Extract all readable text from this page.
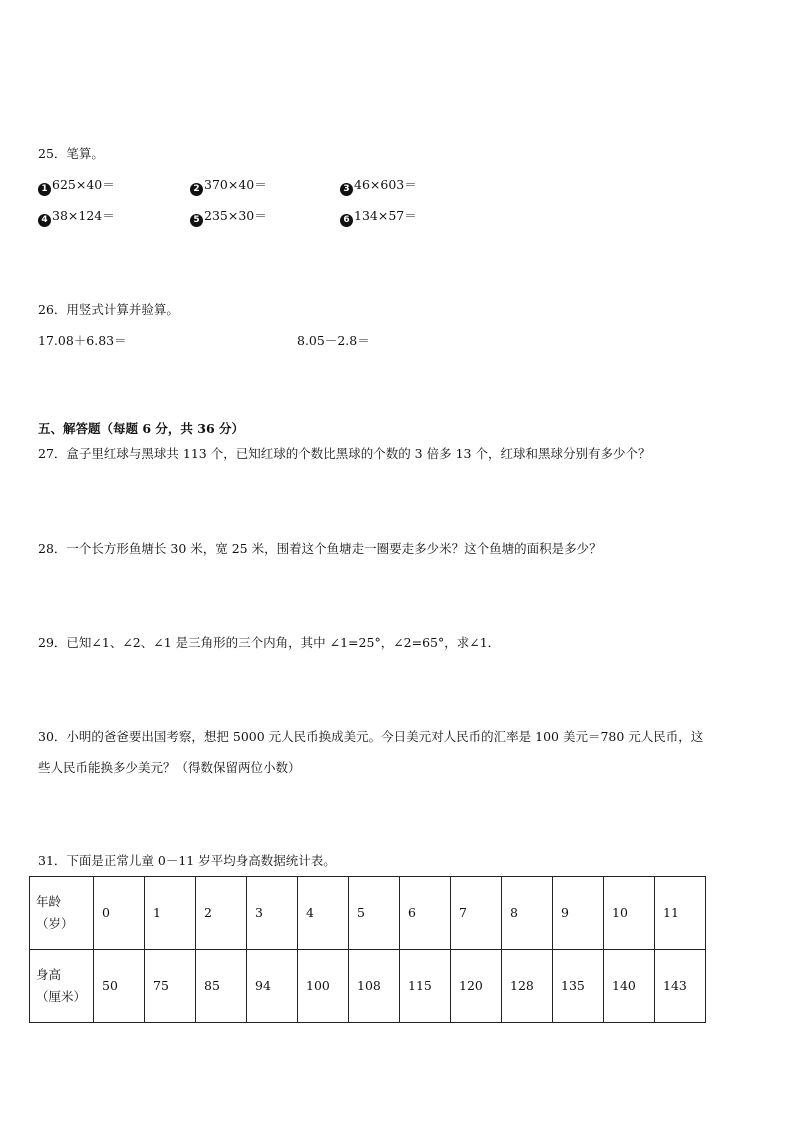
25．笔算。
1 625×40＝	2 370×40＝	3 46×603＝
4 38×124＝	5 235×30＝	6 134×57＝
26．用竖式计算并验算。
17.08＋6.83＝	8.05－2.8＝
五、解答题（每题 6 分，共 36 分）
27．盒子里红球与黑球共 113 个，已知红球的个数比黑球的个数的 3 倍多 13 个，红球和黑球分别有多少个？
28．一个长方形鱼塘长 30 米，宽 25 米，围着这个鱼塘走一圈要走多少米？这个鱼塘的面积是多少？
29．已知∠1、∠2、∠1 是三角形的三个内角，其中 ∠1=25°，∠2=65°，求∠1．
30．小明的爸爸要出国考察，想把 5000 元人民币换成美元。今日美元对人民币的汇率是 100 美元＝780 元人民币，这
些人民币能换多少美元？（得数保留两位小数）
31．下面是正常儿童 0－11 岁平均身高数据统计表。
年龄
（岁）	0	1	2	3	4	5	6	7	8	9	10	11

身高
（厘米）	50	75	85	94	100	108	115	120	128	135	140	143
